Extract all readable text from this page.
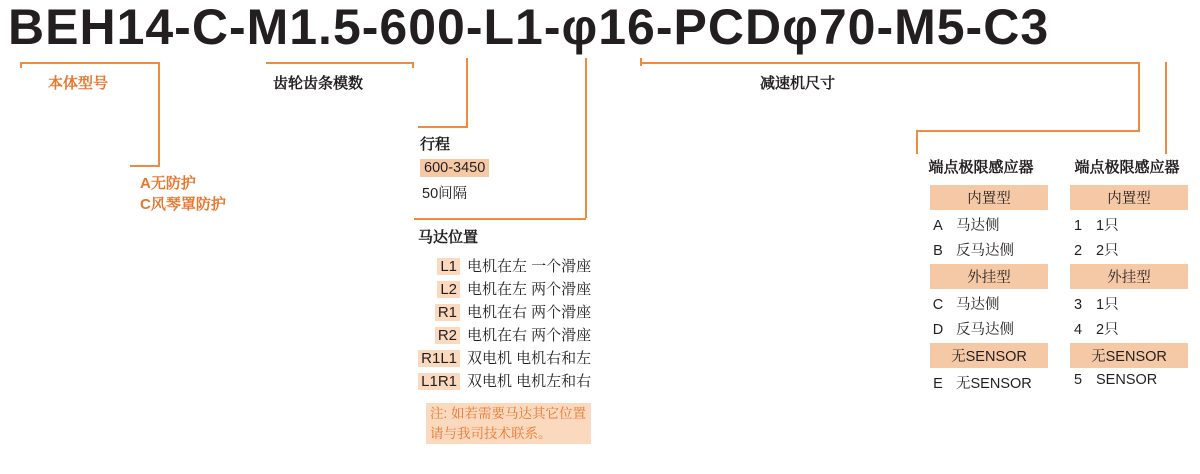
BEH14-C-M1.5-600-L1-φ16-PCDφ70-M5-C3
本体型号	齿轮齿条模数	减速机尺寸
A无防护
C风琴罩防护
行程
600-3450
50间隔
马达位置
L1 电机在左 一个滑座
L2 电机在左 两个滑座
R1 电机在右 两个滑座
R2 电机在右 两个滑座
R1L1 双电机 电机右和左
L1R1 双电机 电机左和右
注: 如若需要马达其它位置
请与我司技术联系。
端点极限感应器
内置型
A 马达侧
B 反马达侧
外挂型
C 马达侧
D 反马达侧
无SENSOR
E 无SENSOR
端点极限感应器
内置型
1 1只
2 2只
外挂型
3 1只
4 2只
无SENSOR
5 SENSOR
